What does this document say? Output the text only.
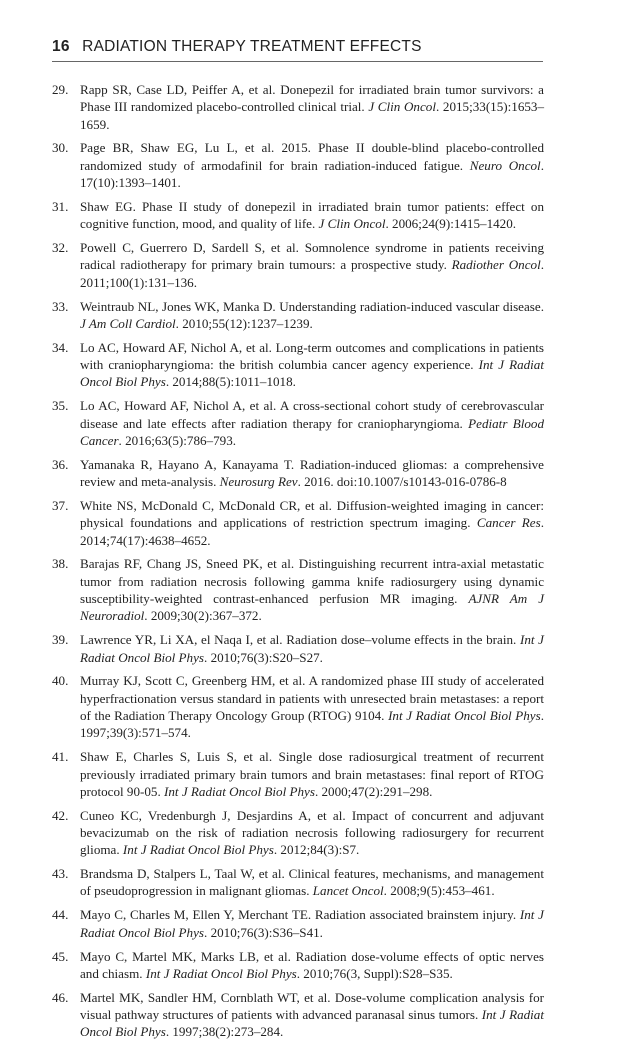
16 RADIATION THERAPY TREATMENT EFFECTS
29. Rapp SR, Case LD, Peiffer A, et al. Donepezil for irradiated brain tumor survivors: a Phase III randomized placebo-controlled clinical trial. J Clin Oncol. 2015;33(15):1653–1659.
30. Page BR, Shaw EG, Lu L, et al. 2015. Phase II double-blind placebo-controlled randomized study of armodafinil for brain radiation-induced fatigue. Neuro Oncol. 17(10):1393–1401.
31. Shaw EG. Phase II study of donepezil in irradiated brain tumor patients: effect on cognitive function, mood, and quality of life. J Clin Oncol. 2006;24(9):1415–1420.
32. Powell C, Guerrero D, Sardell S, et al. Somnolence syndrome in patients receiving radical radiotherapy for primary brain tumours: a prospective study. Radiother Oncol. 2011;100(1):131–136.
33. Weintraub NL, Jones WK, Manka D. Understanding radiation-induced vascular disease. J Am Coll Cardiol. 2010;55(12):1237–1239.
34. Lo AC, Howard AF, Nichol A, et al. Long-term outcomes and complications in patients with craniopharyngioma: the british columbia cancer agency experience. Int J Radiat Oncol Biol Phys. 2014;88(5):1011–1018.
35. Lo AC, Howard AF, Nichol A, et al. A cross-sectional cohort study of cerebrovascular disease and late effects after radiation therapy for craniopharyngioma. Pediatr Blood Cancer. 2016;63(5):786–793.
36. Yamanaka R, Hayano A, Kanayama T. Radiation-induced gliomas: a comprehensive review and meta-analysis. Neurosurg Rev. 2016. doi:10.1007/s10143-016-0786-8
37. White NS, McDonald C, McDonald CR, et al. Diffusion-weighted imaging in cancer: physical foundations and applications of restriction spectrum imaging. Cancer Res. 2014;74(17):4638–4652.
38. Barajas RF, Chang JS, Sneed PK, et al. Distinguishing recurrent intra-axial metastatic tumor from radiation necrosis following gamma knife radiosurgery using dynamic susceptibility-weighted contrast-enhanced perfusion MR imaging. AJNR Am J Neuroradiol. 2009;30(2):367–372.
39. Lawrence YR, Li XA, el Naqa I, et al. Radiation dose–volume effects in the brain. Int J Radiat Oncol Biol Phys. 2010;76(3):S20–S27.
40. Murray KJ, Scott C, Greenberg HM, et al. A randomized phase III study of accelerated hyperfractionation versus standard in patients with unresected brain metastases: a report of the Radiation Therapy Oncology Group (RTOG) 9104. Int J Radiat Oncol Biol Phys. 1997;39(3):571–574.
41. Shaw E, Charles S, Luis S, et al. Single dose radiosurgical treatment of recurrent previously irradiated primary brain tumors and brain metastases: final report of RTOG protocol 90-05. Int J Radiat Oncol Biol Phys. 2000;47(2):291–298.
42. Cuneo KC, Vredenburgh J, Desjardins A, et al. Impact of concurrent and adjuvant bevacizumab on the risk of radiation necrosis following radiosurgery for recurrent glioma. Int J Radiat Oncol Biol Phys. 2012;84(3):S7.
43. Brandsma D, Stalpers L, Taal W, et al. Clinical features, mechanisms, and management of pseudoprogression in malignant gliomas. Lancet Oncol. 2008;9(5):453–461.
44. Mayo C, Charles M, Ellen Y, Merchant TE. Radiation associated brainstem injury. Int J Radiat Oncol Biol Phys. 2010;76(3):S36–S41.
45. Mayo C, Martel MK, Marks LB, et al. Radiation dose-volume effects of optic nerves and chiasm. Int J Radiat Oncol Biol Phys. 2010;76(3, Suppl):S28–S35.
46. Martel MK, Sandler HM, Cornblath WT, et al. Dose-volume complication analysis for visual pathway structures of patients with advanced paranasal sinus tumors. Int J Radiat Oncol Biol Phys. 1997;38(2):273–284.
